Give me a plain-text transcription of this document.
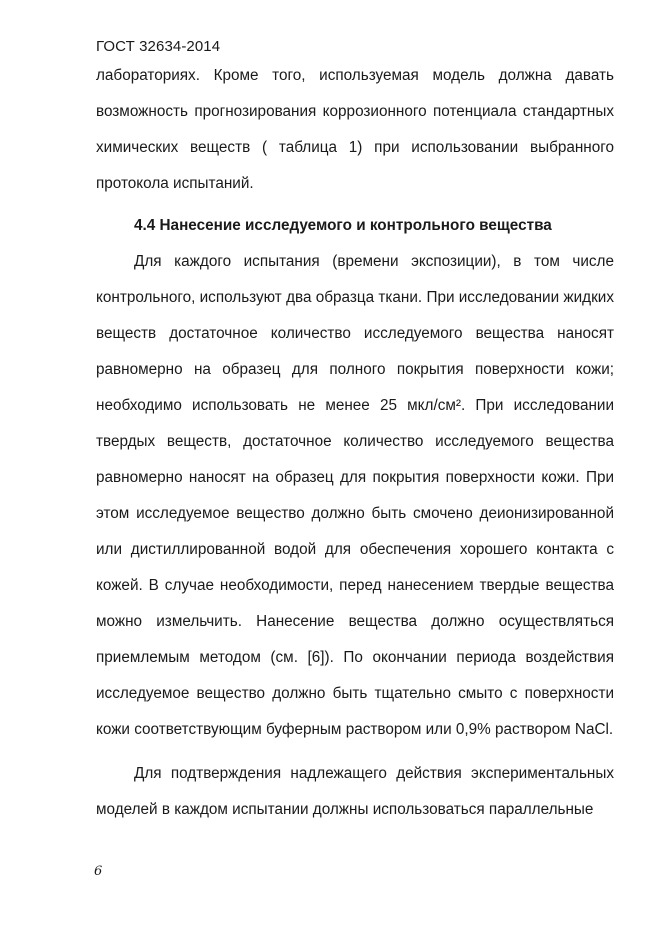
ГОСТ 32634-2014

лабораториях. Кроме того, используемая модель должна давать возможность прогнозирования коррозионного потенциала стандартных химических веществ ( таблица 1) при использовании выбранного протокола испытаний.

4.4 Нанесение исследуемого и контрольного вещества

Для каждого испытания (времени экспозиции), в том числе контрольного, используют два образца ткани. При исследовании жидких веществ достаточное количество исследуемого вещества наносят равномерно на образец для полного покрытия поверхности кожи; необходимо использовать не менее 25 мкл/см². При исследовании твердых веществ, достаточное количество исследуемого вещества равномерно наносят на образец для покрытия поверхности кожи. При этом исследуемое вещество должно быть смочено деионизированной или дистиллированной водой для обеспечения хорошего контакта с кожей. В случае необходимости, перед нанесением твердые вещества можно измельчить. Нанесение вещества должно осуществляться приемлемым методом (см. [6]). По окончании периода воздействия исследуемое вещество должно быть тщательно смыто с поверхности кожи соответствующим буферным раствором или 0,9% раствором NaCl.

Для подтверждения надлежащего действия экспериментальных моделей в каждом испытании должны использоваться параллельные

6
